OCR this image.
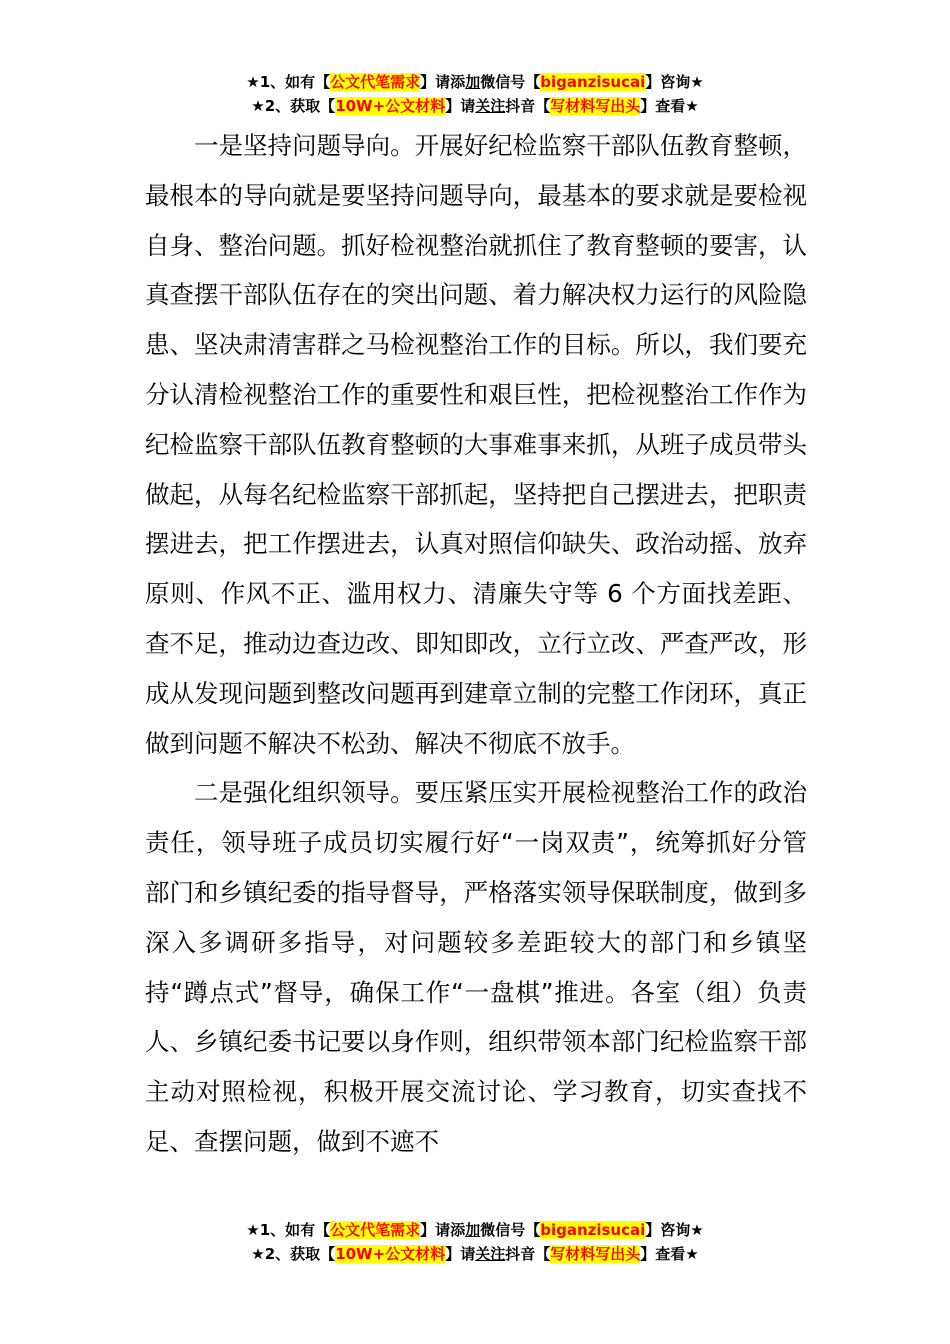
★1、如有【公文代笔需求】请添加微信号【biganzisucai】咨询★
★2、获取【10W+公文材料】请关注抖音【写材料写出头】查看★

一是坚持问题导向。开展好纪检监察干部队伍教育整顿，最根本的导向就是要坚持问题导向，最基本的要求就是要检视自身、整治问题。抓好检视整治就抓住了教育整顿的要害，认真查摆干部队伍存在的突出问题、着力解决权力运行的风险隐患、坚决肃清害群之马检视整治工作的目标。所以，我们要充分认清检视整治工作的重要性和艰巨性，把检视整治工作作为纪检监察干部队伍教育整顿的大事难事来抓，从班子成员带头做起，从每名纪检监察干部抓起，坚持把自己摆进去，把职责摆进去，把工作摆进去，认真对照信仰缺失、政治动摇、放弃原则、作风不正、滥用权力、清廉失守等 6 个方面找差距、查不足，推动边查边改、即知即改，立行立改、严查严改，形成从发现问题到整改问题再到建章立制的完整工作闭环，真正做到问题不解决不松劲、解决不彻底不放手。

二是强化组织领导。要压紧压实开展检视整治工作的政治责任，领导班子成员切实履行好“一岗双责”，统筹抓好分管部门和乡镇纪委的指导督导，严格落实领导保联制度，做到多深入多调研多指导，对问题较多差距较大的部门和乡镇坚持“蹲点式”督导，确保工作“一盘棋”推进。各室（组）负责人、乡镇纪委书记要以身作则，组织带领本部门纪检监察干部主动对照检视，积极开展交流讨论、学习教育，切实查找不足、查摆问题，做到不遮不

★1、如有【公文代笔需求】请添加微信号【biganzisucai】咨询★
★2、获取【10W+公文材料】请关注抖音【写材料写出头】查看★
